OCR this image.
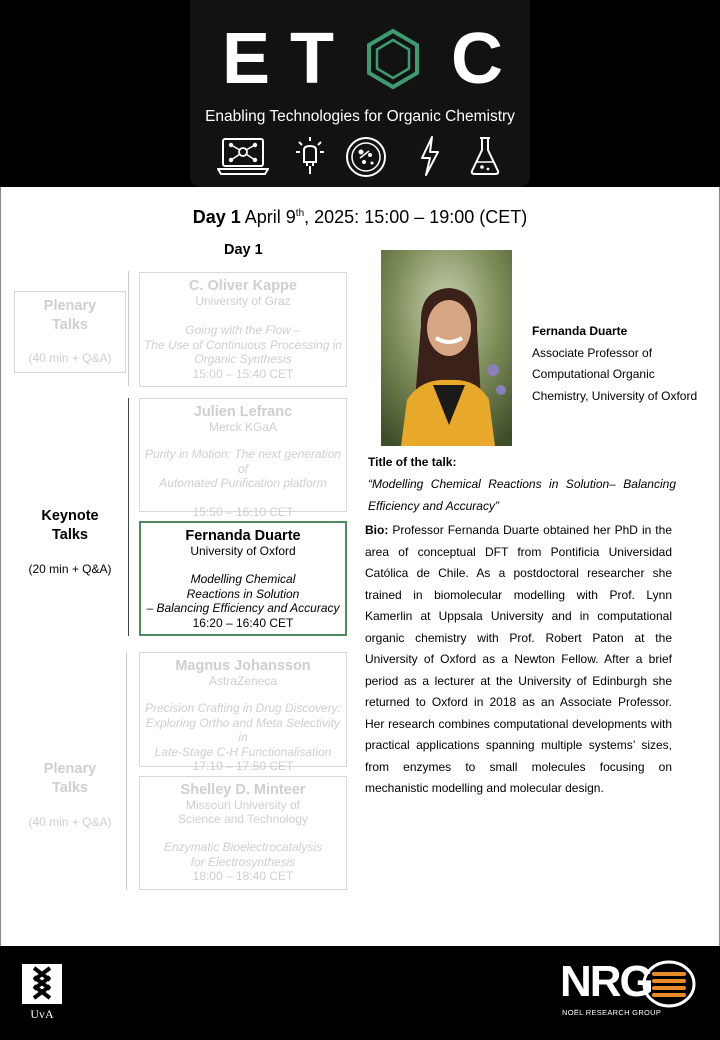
E T C
Enabling Technologies for Organic Chemistry
Day 1 April 9th, 2025: 15:00 – 19:00 (CET)
Day 1
Plenary
Talks
(40 min + Q&A)
Keynote
Talks
(20 min + Q&A)
Plenary
Talks
(40 min + Q&A)
C. Oliver Kappe
University of Graz
Going with the Flow –
The Use of Continuous Processing in
Organic Synthesis
15:00 – 15:40 CET
Julien Lefranc
Merck KGaA
Purity in Motion: The next generation of
Automated Purification platform
15:50 – 16:10 CET
Fernanda Duarte
University of Oxford
Modelling Chemical
Reactions in Solution
– Balancing Efficiency and Accuracy
16:20 – 16:40 CET
Magnus Johansson
AstraZeneca
Precision Crafting in Drug Discovery:
Exploring Ortho and Meta Selectivity in
Late-Stage C-H Functionalisation
17:10 – 17:50 CET
Shelley D. Minteer
Missouri University of
Science and Technology
Enzymatic Bioelectrocatalysis
for Electrosynthesis
18:00 – 18:40 CET
Fernanda Duarte
Associate Professor of
Computational Organic
Chemistry, University of Oxford
Title of the talk:
“Modelling Chemical Reactions in Solution– Balancing Efficiency and Accuracy”
Bio: Professor Fernanda Duarte obtained her PhD in the area of conceptual DFT from Pontificia Universidad Católica de Chile. As a postdoctoral researcher she trained in biomolecular modelling with Prof. Lynn Kamerlin at Uppsala University and in computational organic chemistry with Prof. Robert Paton at the University of Oxford as a Newton Fellow. After a brief period as a lecturer at the University of Edinburgh she returned to Oxford in 2018 as an Associate Professor. Her research combines computational developments with practical applications spanning multiple systems’ sizes, from enzymes to small molecules focusing on mechanistic modelling and molecular design.
UvA
NRG
NOËL RESEARCH GROUP
